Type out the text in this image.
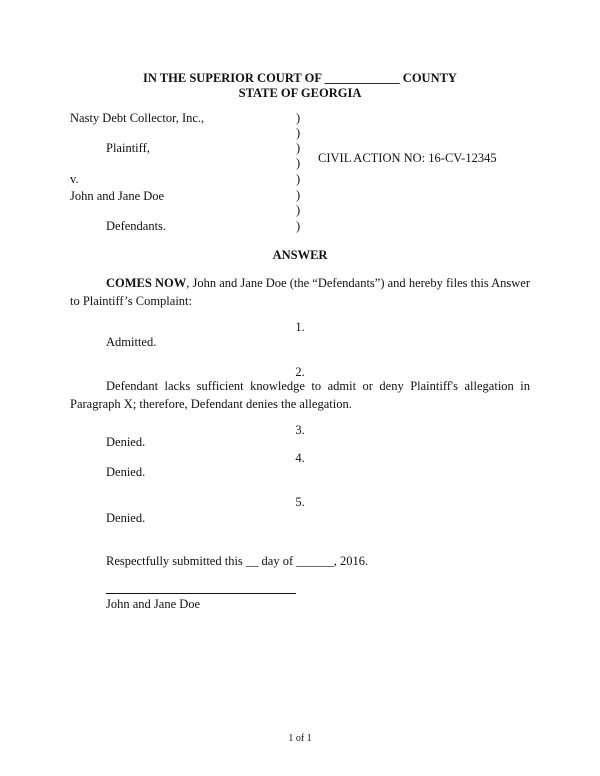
IN THE SUPERIOR COURT OF ____________ COUNTY
STATE OF GEORGIA
Nasty Debt Collector, Inc.,
Plaintiff,
v.
John and Jane Doe
Defendants.
)
)
)
)
)
)
)
)
CIVIL ACTION NO: 16-CV-12345
ANSWER
COMES NOW, John and Jane Doe (the “Defendants”) and hereby files this Answer to Plaintiff’s Complaint:
1.
Admitted.
2.
Defendant lacks sufficient knowledge to admit or deny Plaintiff's allegation in Paragraph X; therefore, Defendant denies the allegation.
3.
Denied.
4.
Denied.
5.
Denied.
Respectfully submitted this __ day of ______, 2016.
John and Jane Doe
1 of 1
